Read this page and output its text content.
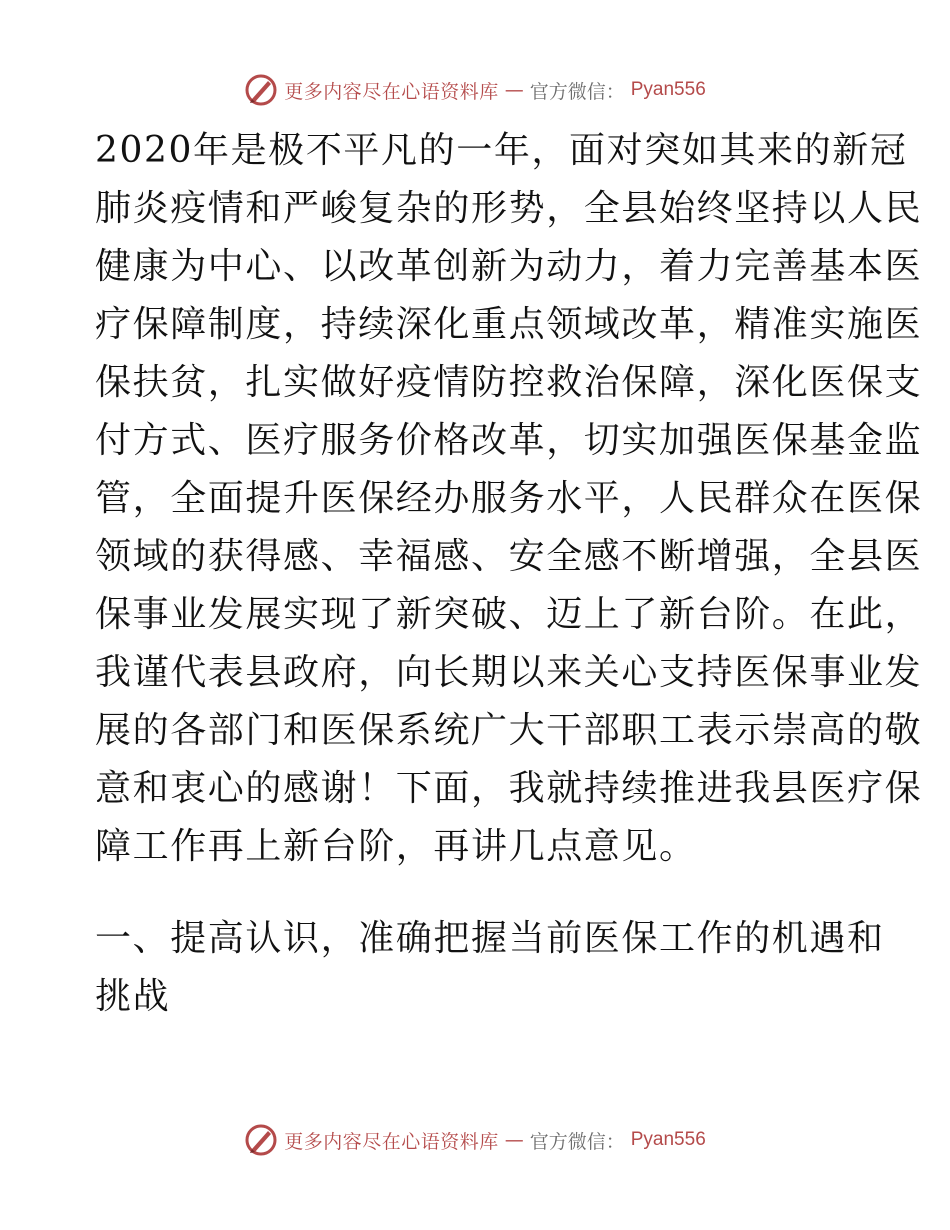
更多内容尽在心语资料库 — 官方微信： Pyan556
2020年是极不平凡的一年，面对突如其来的新冠
肺炎疫情和严峻复杂的形势，全县始终坚持以人民
健康为中心、以改革创新为动力，着力完善基本医
疗保障制度，持续深化重点领域改革，精准实施医
保扶贫，扎实做好疫情防控救治保障，深化医保支
付方式、医疗服务价格改革，切实加强医保基金监
管，全面提升医保经办服务水平，人民群众在医保
领域的获得感、幸福感、安全感不断增强，全县医
保事业发展实现了新突破、迈上了新台阶。在此，
我谨代表县政府，向长期以来关心支持医保事业发
展的各部门和医保系统广大干部职工表示崇高的敬
意和衷心的感谢！下面，我就持续推进我县医疗保
障工作再上新台阶，再讲几点意见。
一、提高认识，准确把握当前医保工作的机遇和
挑战
更多内容尽在心语资料库 — 官方微信： Pyan556
